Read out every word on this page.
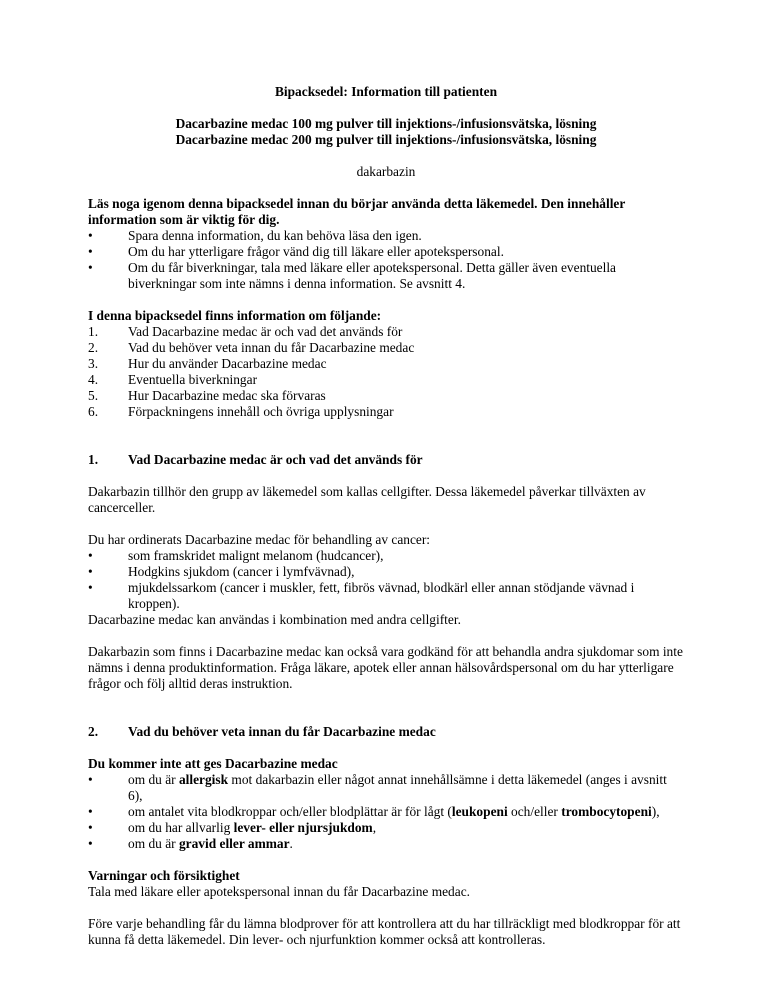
Bipacksedel: Information till patienten

Dacarbazine medac 100 mg pulver till injektions-/infusionsvätska, lösning

Dacarbazine medac 200 mg pulver till injektions-/infusionsvätska, lösning

dakarbazin

Läs noga igenom denna bipacksedel innan du börjar använda detta läkemedel. Den innehåller information som är viktig för dig.

•	Spara denna information, du kan behöva läsa den igen.
•	Om du har ytterligare frågor vänd dig till läkare eller apotekspersonal.
•	Om du får biverkningar, tala med läkare eller apotekspersonal. Detta gäller även eventuella biverkningar som inte nämns i denna information. Se avsnitt 4.

I denna bipacksedel finns information om följande:

1.	Vad Dacarbazine medac är och vad det används för
2.	Vad du behöver veta innan du får Dacarbazine medac
3.	Hur du använder Dacarbazine medac
4.	Eventuella biverkningar
5.	Hur Dacarbazine medac ska förvaras
6.	Förpackningens innehåll och övriga upplysningar
1.	Vad Dacarbazine medac är och vad det används för

Dakarbazin tillhör den grupp av läkemedel som kallas cellgifter. Dessa läkemedel påverkar tillväxten av cancerceller.

Du har ordinerats Dacarbazine medac för behandling av cancer:

•	som framskridet malignt melanom (hudcancer),
•	Hodgkins sjukdom (cancer i lymfvävnad),
•	mjukdelssarkom (cancer i muskler, fett, fibrös vävnad, blodkärl eller annan stödjande vävnad i kroppen).

Dacarbazine medac kan användas i kombination med andra cellgifter.

Dakarbazin som finns i Dacarbazine medac kan också vara godkänd för att behandla andra sjukdomar som inte nämns i denna produktinformation. Fråga läkare, apotek eller annan hälsovårdspersonal om du har ytterligare frågor och följ alltid deras instruktion.

2.	Vad du behöver veta innan du får Dacarbazine medac

Du kommer inte att ges Dacarbazine medac

•	om du är allergisk mot dakarbazin eller något annat innehållsämne i detta läkemedel (anges i avsnitt 6),
•	om antalet vita blodkroppar och/eller blodplättar är för lågt (leukopeni och/eller trombocytopeni),
•	om du har allvarlig lever- eller njursjukdom,
•	om du är gravid eller ammar.

Varningar och försiktighet

Tala med läkare eller apotekspersonal innan du får Dacarbazine medac.

Före varje behandling får du lämna blodprover för att kontrollera att du har tillräckligt med blodkroppar för att kunna få detta läkemedel. Din lever- och njurfunktion kommer också att kontrolleras.
